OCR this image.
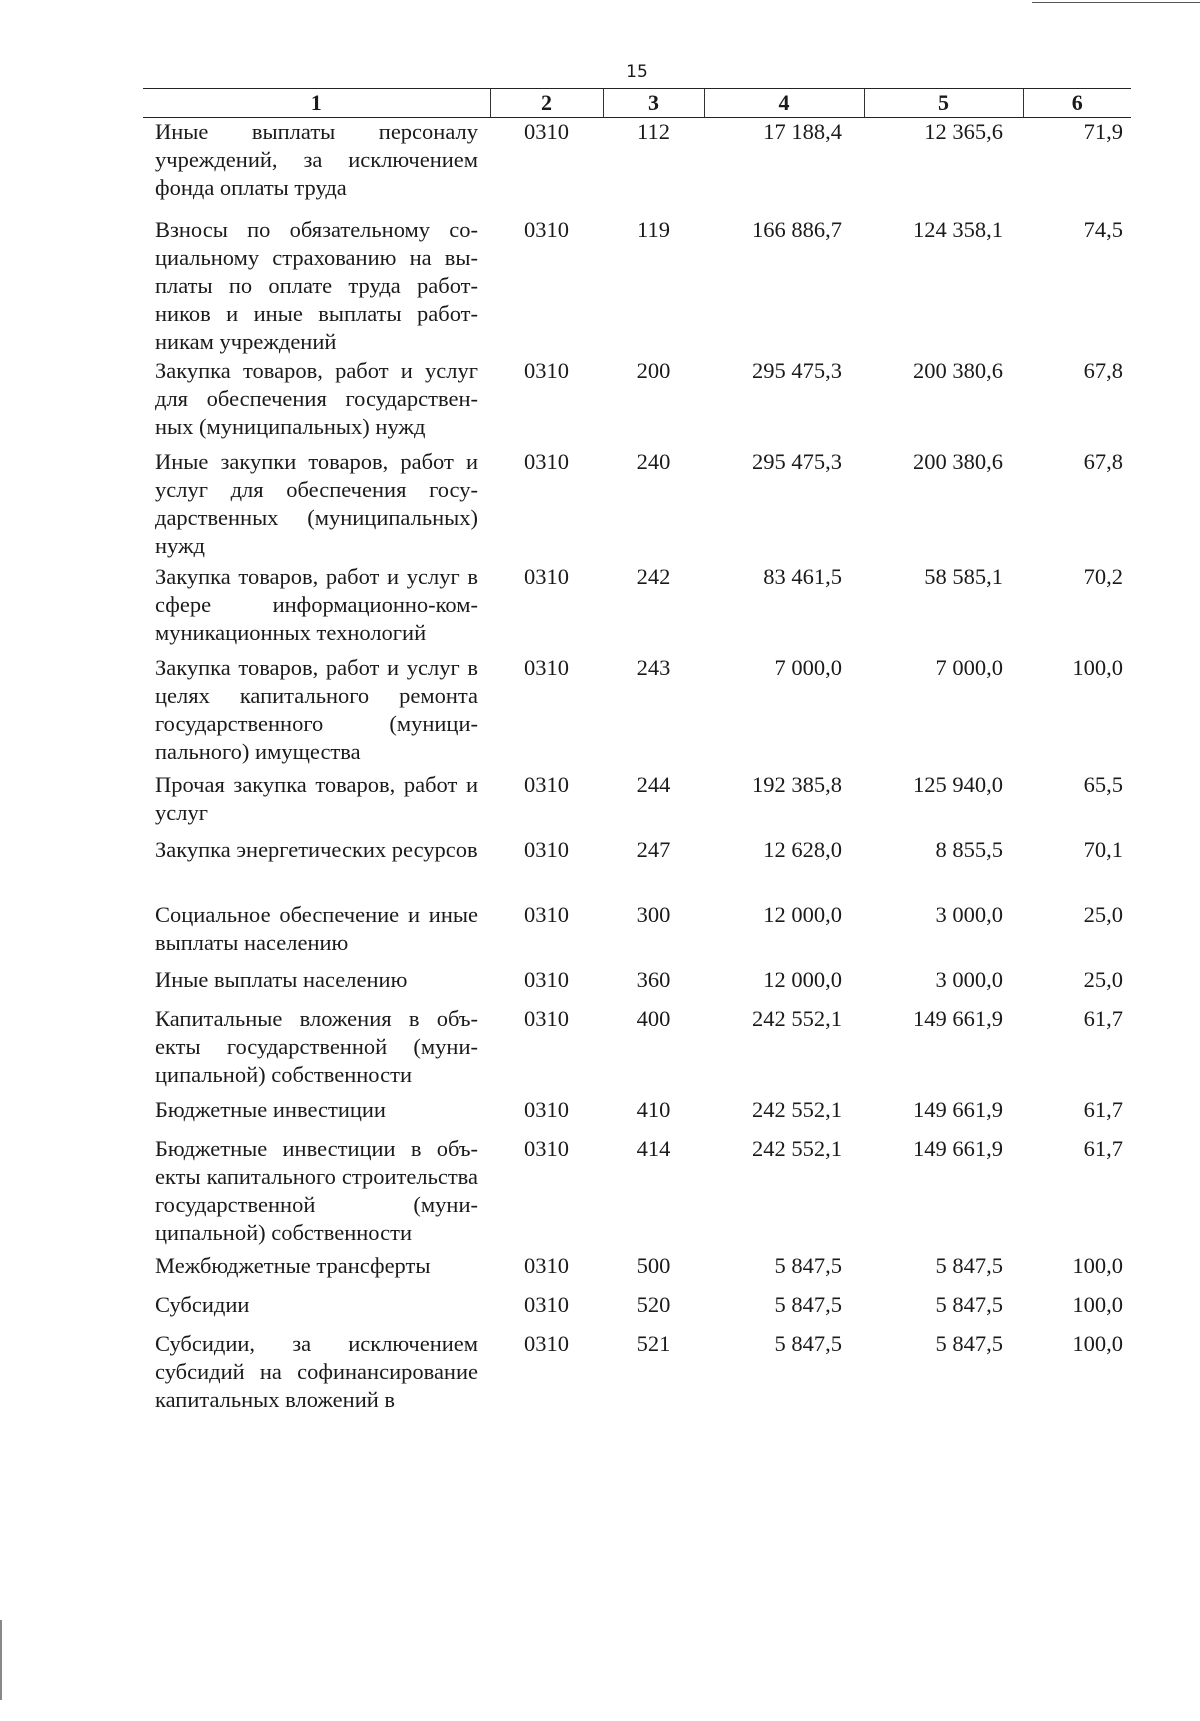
15
1	2	3	4	5	6
Иные выплаты персоналу учреждений, за исключением фонда оплаты труда	0310	112	17 188,4	12 365,6	71,9
Взносы по обязательному социальному страхованию на выплаты по оплате труда работников и иные выплаты работникам учреждений	0310	119	166 886,7	124 358,1	74,5
Закупка товаров, работ и услуг для обеспечения государственных (муниципальных) нужд	0310	200	295 475,3	200 380,6	67,8
Иные закупки товаров, работ и услуг для обеспечения государственных (муниципальных) нужд	0310	240	295 475,3	200 380,6	67,8
Закупка товаров, работ и услуг в сфере информационно-коммуникационных технологий	0310	242	83 461,5	58 585,1	70,2
Закупка товаров, работ и услуг в целях капитального ремонта государственного (муниципального) имущества	0310	243	7 000,0	7 000,0	100,0
Прочая закупка товаров, работ и услуг	0310	244	192 385,8	125 940,0	65,5
Закупка энергетических ресурсов	0310	247	12 628,0	8 855,5	70,1
Социальное обеспечение и иные выплаты населению	0310	300	12 000,0	3 000,0	25,0
Иные выплаты населению	0310	360	12 000,0	3 000,0	25,0
Капитальные вложения в объекты государственной (муниципальной) собственности	0310	400	242 552,1	149 661,9	61,7
Бюджетные инвестиции	0310	410	242 552,1	149 661,9	61,7
Бюджетные инвестиции в объекты капитального строительства государственной (муниципальной) собственности	0310	414	242 552,1	149 661,9	61,7
Межбюджетные трансферты	0310	500	5 847,5	5 847,5	100,0
Субсидии	0310	520	5 847,5	5 847,5	100,0
Субсидии, за исключением субсидий на софинансирование капитальных вложений в	0310	521	5 847,5	5 847,5	100,0
